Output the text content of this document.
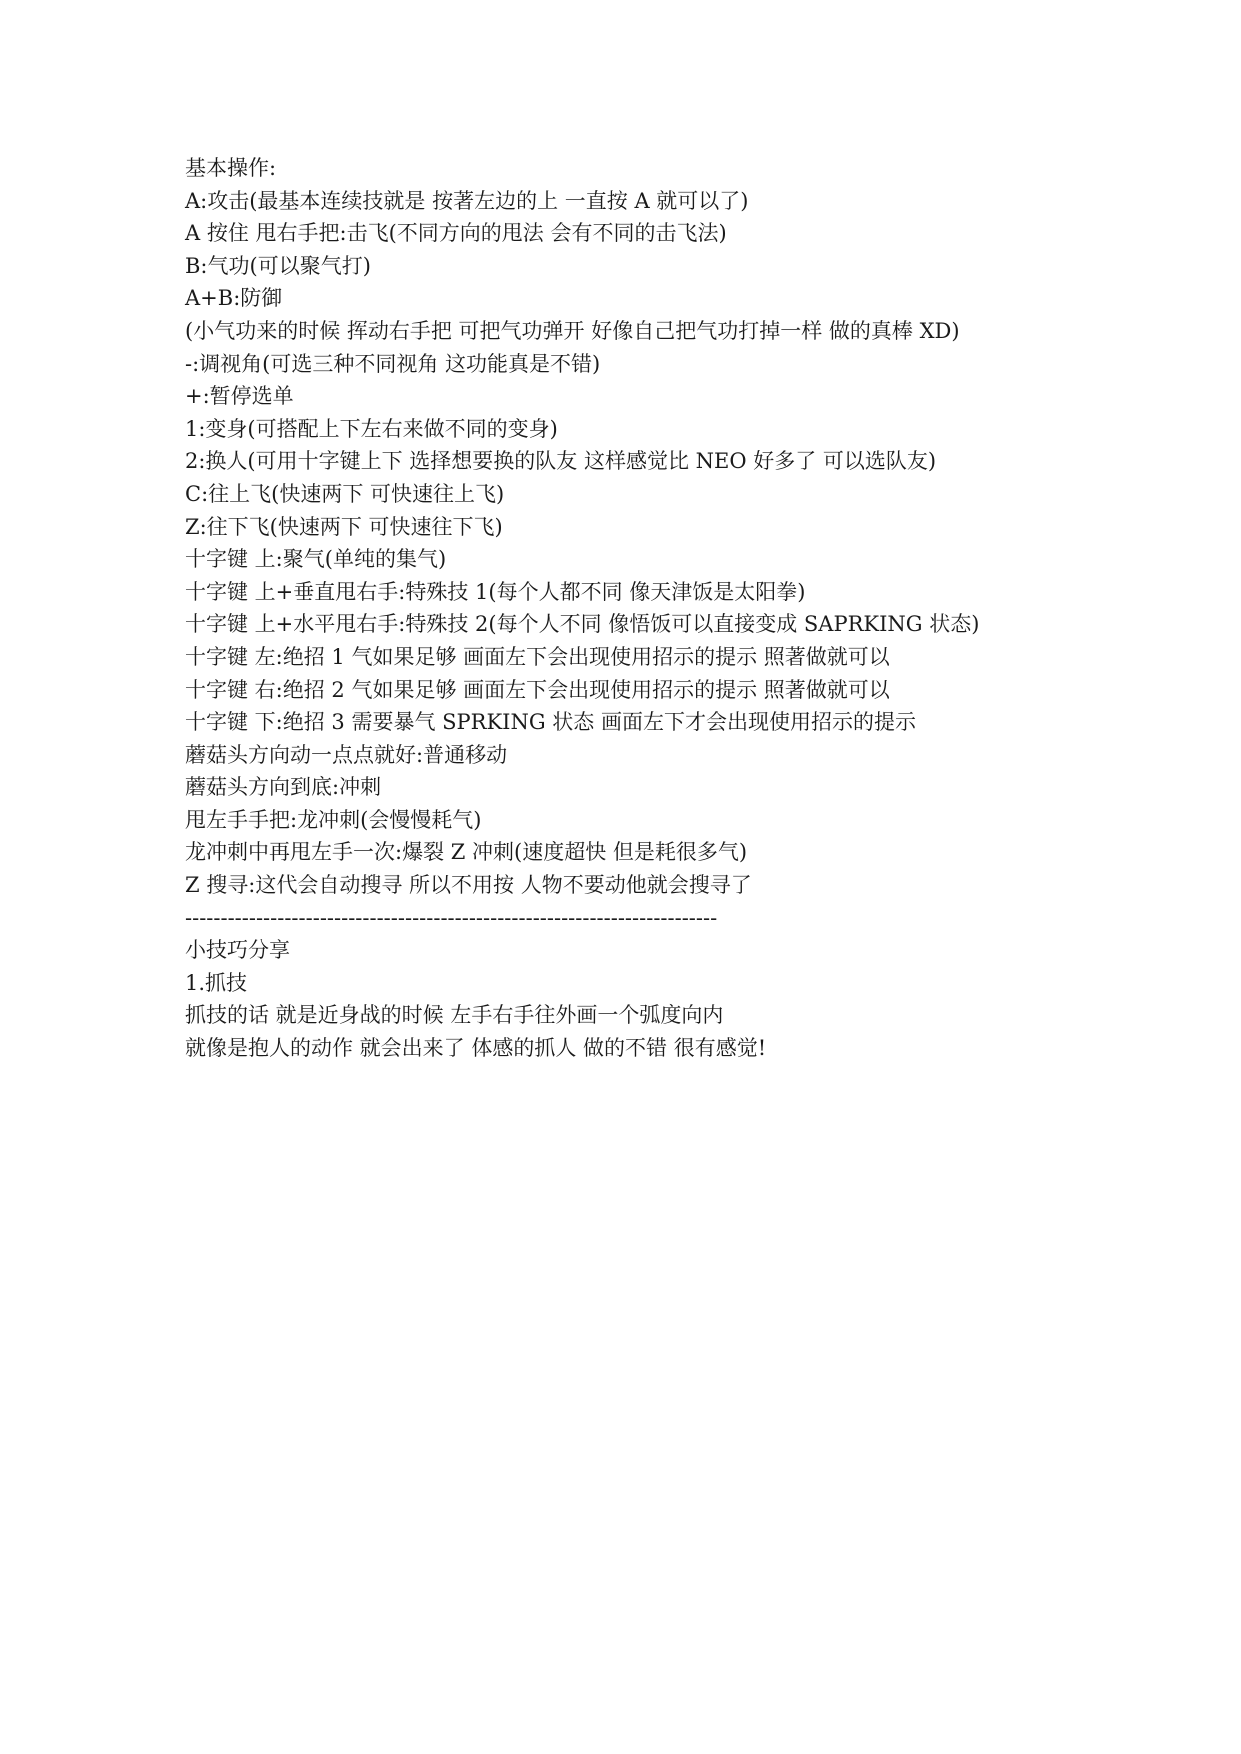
基本操作:
A:攻击(最基本连续技就是 按著左边的上 一直按 A 就可以了)
A 按住 甩右手把:击飞(不同方向的甩法 会有不同的击飞法)
B:气功(可以聚气打)
A+B:防御
(小气功来的时候 挥动右手把 可把气功弹开 好像自己把气功打掉一样 做的真棒 XD)
-:调视角(可选三种不同视角 这功能真是不错)
+:暂停选单
1:变身(可搭配上下左右来做不同的变身)
2:换人(可用十字键上下 选择想要换的队友 这样感觉比 NEO 好多了 可以选队友)
C:往上飞(快速两下 可快速往上飞)
Z:往下飞(快速两下 可快速往下飞)
十字键 上:聚气(单纯的集气)
十字键 上+垂直甩右手:特殊技 1(每个人都不同 像天津饭是太阳拳)
十字键 上+水平甩右手:特殊技 2(每个人不同 像悟饭可以直接变成 SAPRKING 状态)
十字键 左:绝招 1 气如果足够 画面左下会出现使用招示的提示 照著做就可以
十字键 右:绝招 2 气如果足够 画面左下会出现使用招示的提示 照著做就可以
十字键 下:绝招 3 需要暴气 SPRKING 状态 画面左下才会出现使用招示的提示
蘑菇头方向动一点点就好:普通移动
蘑菇头方向到底:冲刺
甩左手手把:龙冲刺(会慢慢耗气)
龙冲刺中再甩左手一次:爆裂 Z 冲刺(速度超快 但是耗很多气)
Z 搜寻:这代会自动搜寻 所以不用按 人物不要动他就会搜寻了
---------------------------------------------------------------------------
小技巧分享
1.抓技
抓技的话 就是近身战的时候 左手右手往外画一个弧度向内
就像是抱人的动作 就会出来了 体感的抓人 做的不错 很有感觉!
